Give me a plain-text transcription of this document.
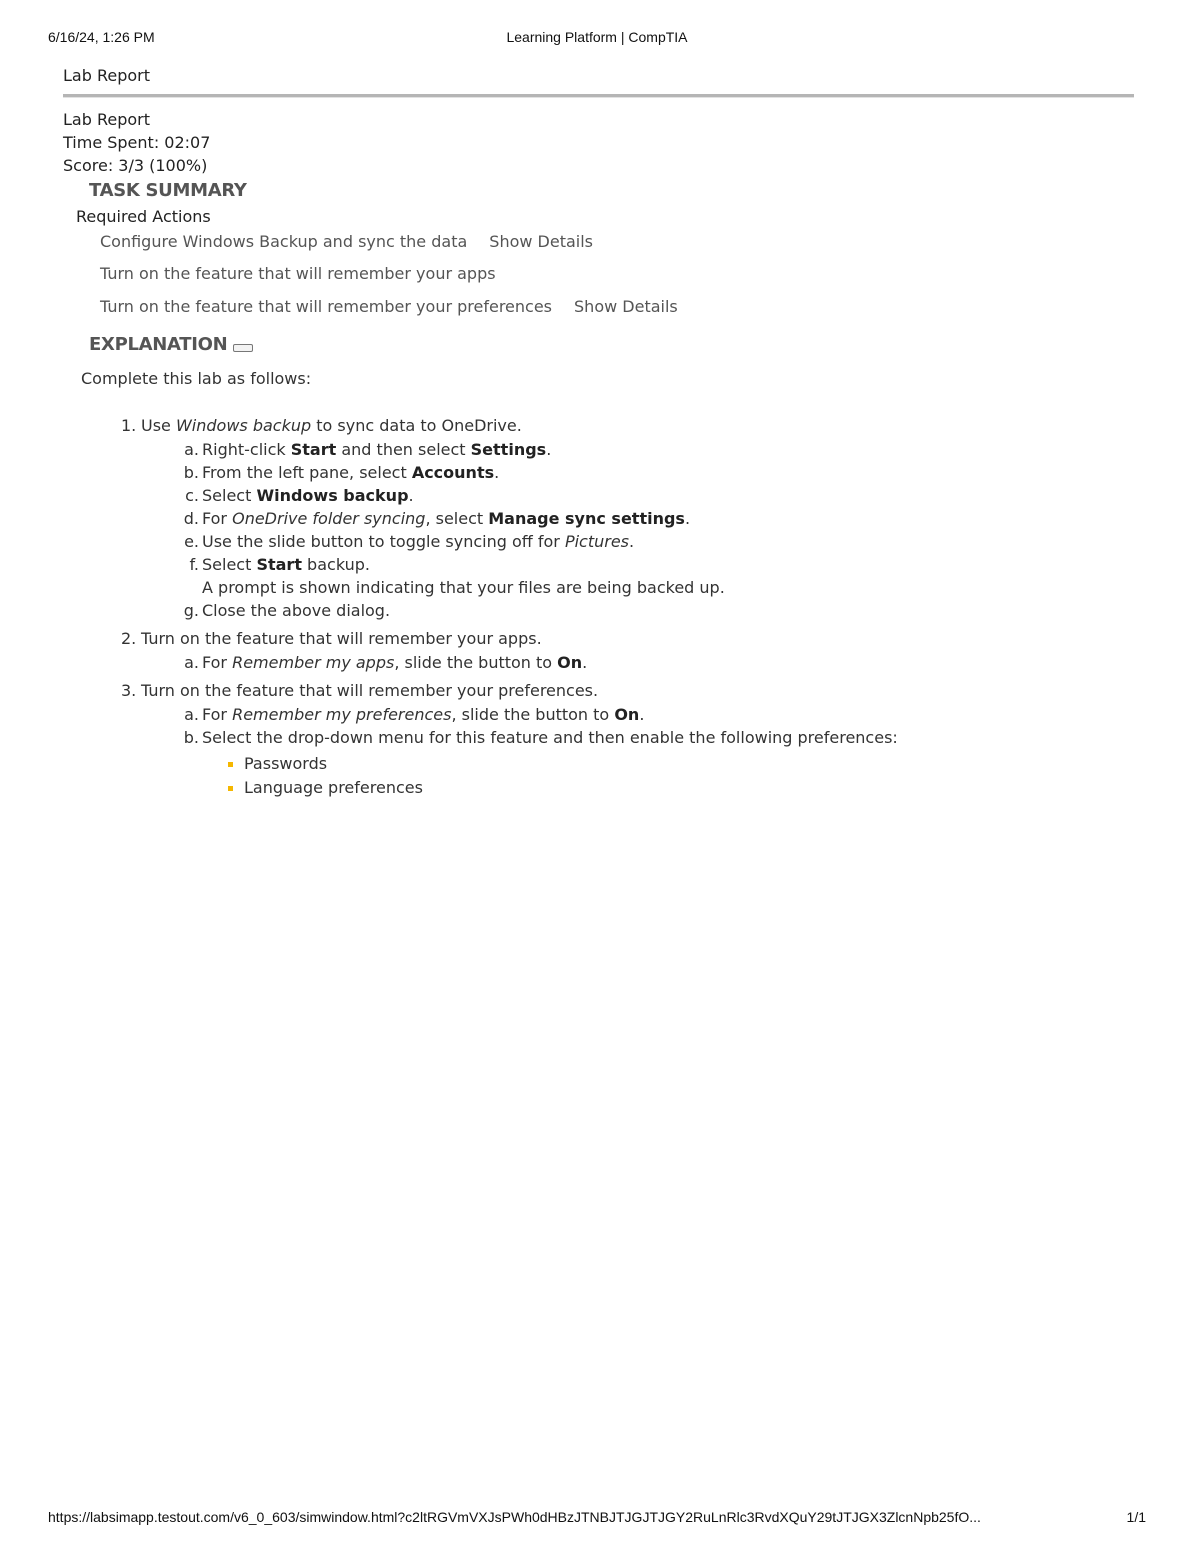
6/16/24, 1:26 PM	Learning Platform | CompTIA
Lab Report
Lab Report
Time Spent: 02:07
Score: 3/3 (100%)
TASK SUMMARY
Required Actions
Configure Windows Backup and sync the data Show Details
Turn on the feature that will remember your apps
Turn on the feature that will remember your preferences Show Details
EXPLANATION
Complete this lab as follows:
1. Use Windows backup to sync data to OneDrive.
a. Right-click Start and then select Settings.
b. From the left pane, select Accounts.
c. Select Windows backup.
d. For OneDrive folder syncing, select Manage sync settings.
e. Use the slide button to toggle syncing off for Pictures.
f. Select Start backup.
A prompt is shown indicating that your files are being backed up.
g. Close the above dialog.
2. Turn on the feature that will remember your apps.
a. For Remember my apps, slide the button to On.
3. Turn on the feature that will remember your preferences.
a. For Remember my preferences, slide the button to On.
b. Select the drop-down menu for this feature and then enable the following preferences:
Passwords
Language preferences
https://labsimapp.testout.com/v6_0_603/simwindow.html?c2ltRGVmVXJsPWh0dHBzJTNBJTJGJTJGY2RuLnRlc3RvdXQuY29tJTJGX3ZlcnNpb25fO...	1/1
